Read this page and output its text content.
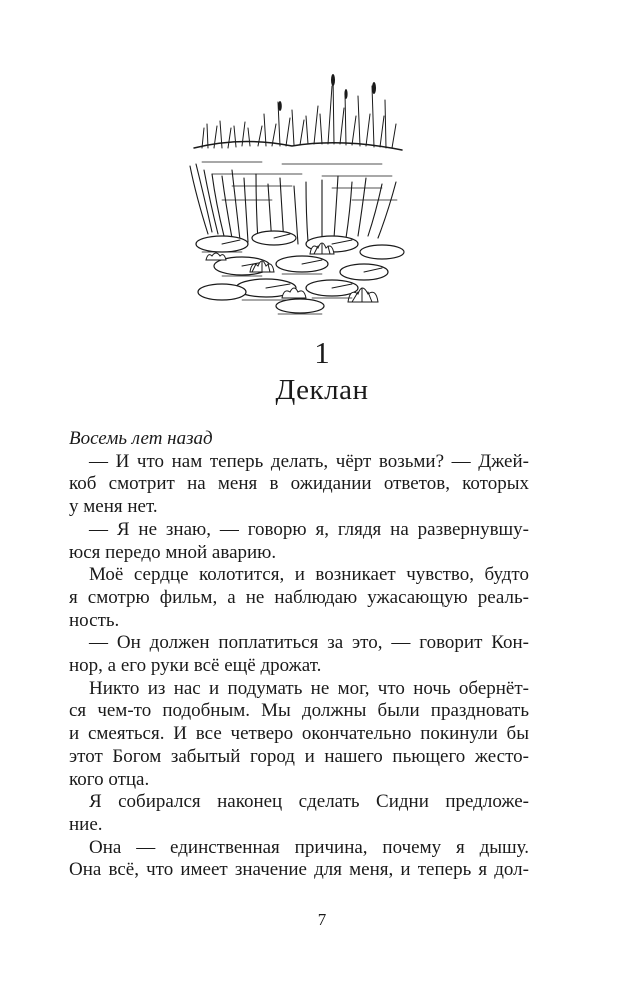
1
Деклан
Восемь лет назад
— И что нам теперь делать, чёрт возьми? — Джей-
коб смотрит на меня в ожидании ответов, которых
у меня нет.
— Я не знаю, — говорю я, глядя на развернувшу-
юся передо мной аварию.
Моё сердце колотится, и возникает чувство, будто
я смотрю фильм, а не наблюдаю ужасающую реаль-
ность.
— Он должен поплатиться за это, — говорит Кон-
нор, а его руки всё ещё дрожат.
Никто из нас и подумать не мог, что ночь обернёт-
ся чем-то подобным. Мы должны были праздновать
и смеяться. И все четверо окончательно покинули бы
этот Богом забытый город и нашего пьющего жесто-
кого отца.
Я собирался наконец сделать Сидни предложе-
ние.
Она — единственная причина, почему я дышу.
Она всё, что имеет значение для меня, и теперь я дол-
7
